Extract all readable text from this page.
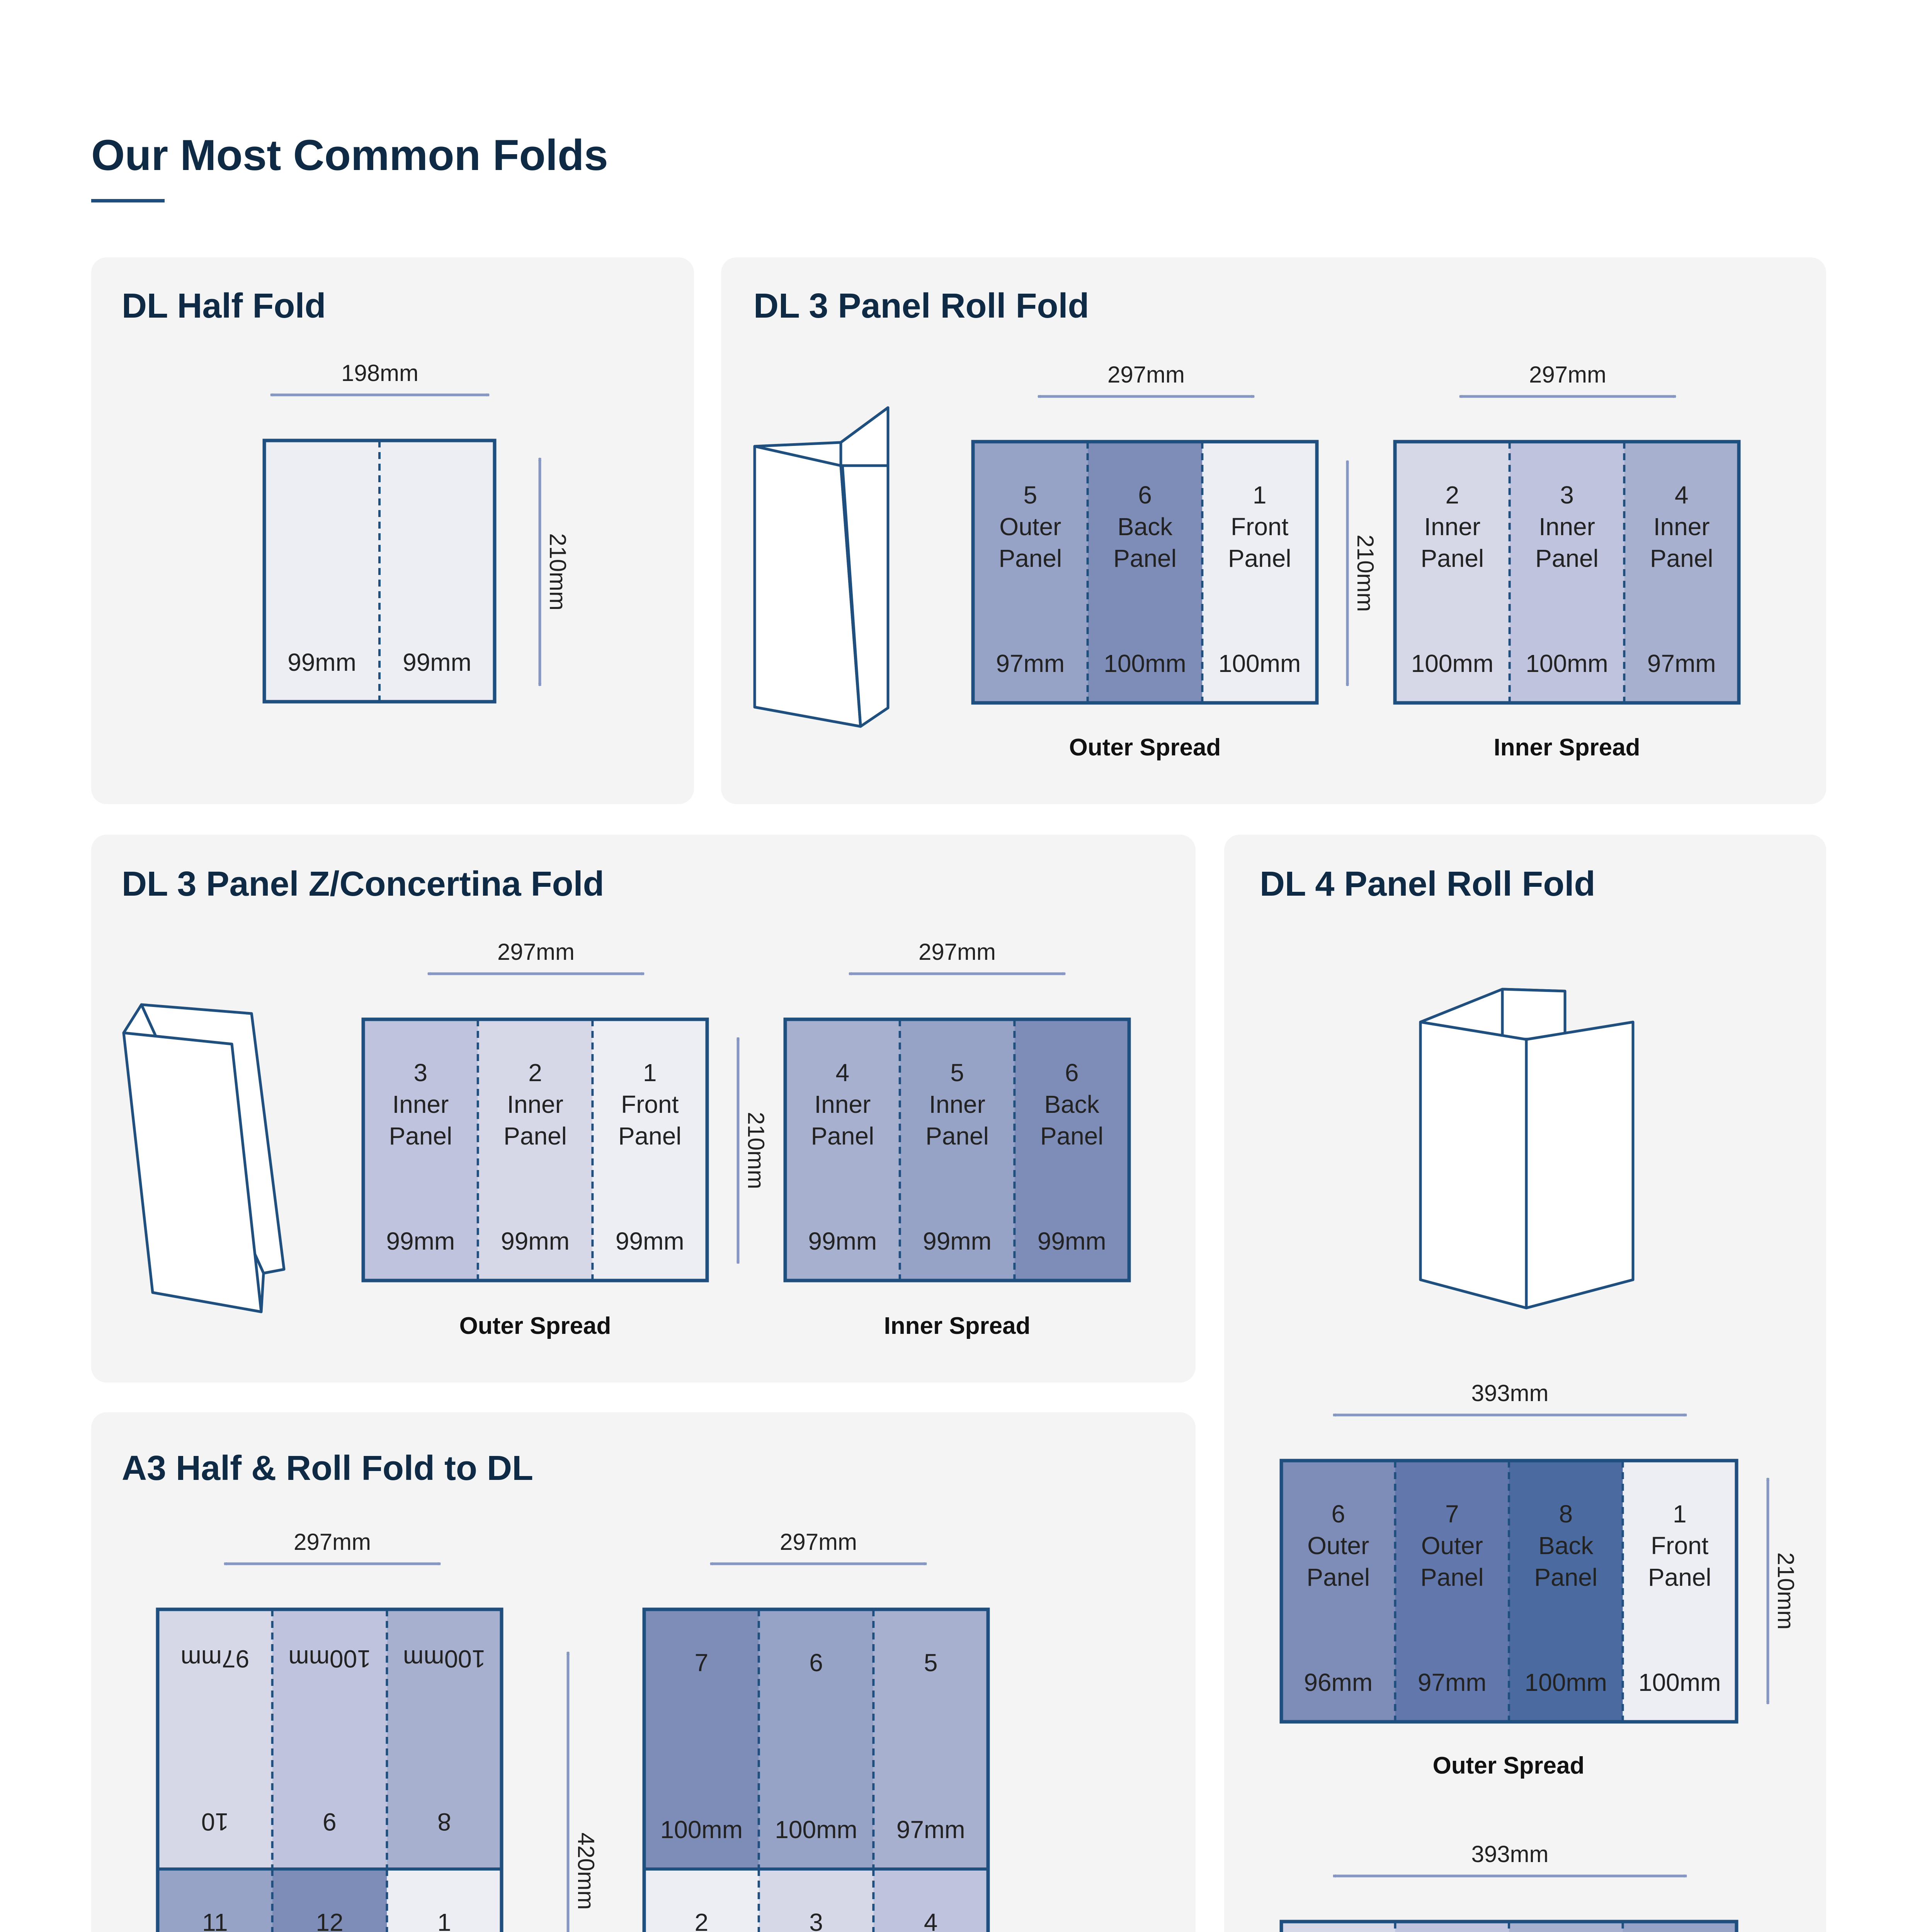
Our Most Common Folds
DL Half Fold	DL 3 Panel Roll Fold
DL 3 Panel Z/Concertina Fold	DL 4 Panel Roll Fold
A3 Half & Roll Fold to DL
198mm
99mm 99mm
210mm
297mm
5
Outer
Panel
97mm
6
Back
Panel
100mm
1
Front
Panel
100mm
210mm
297mm
2
Inner
Panel
100mm
3
Inner
Panel
100mm
4
Inner
Panel
97mm
Outer Spread	Inner Spread
297mm
3
Inner
Panel
99mm
2
Inner
Panel
99mm
1
Front
Panel
99mm
210mm
297mm
4
Inner
Panel
99mm
5
Inner
Panel
99mm
6
Back
Panel
99mm
Outer Spread	Inner Spread
393mm
6
Outer
Panel
96mm
7
Outer
Panel
97mm
8
Back
Panel
100mm
1
Front
Panel
100mm
210mm
Outer Spread
393mm
297mm
10
97mm
9
100mm
8
100mm
11	12	1
420mm
297mm
7
100mm
6
100mm
5
97mm
2	3	4
